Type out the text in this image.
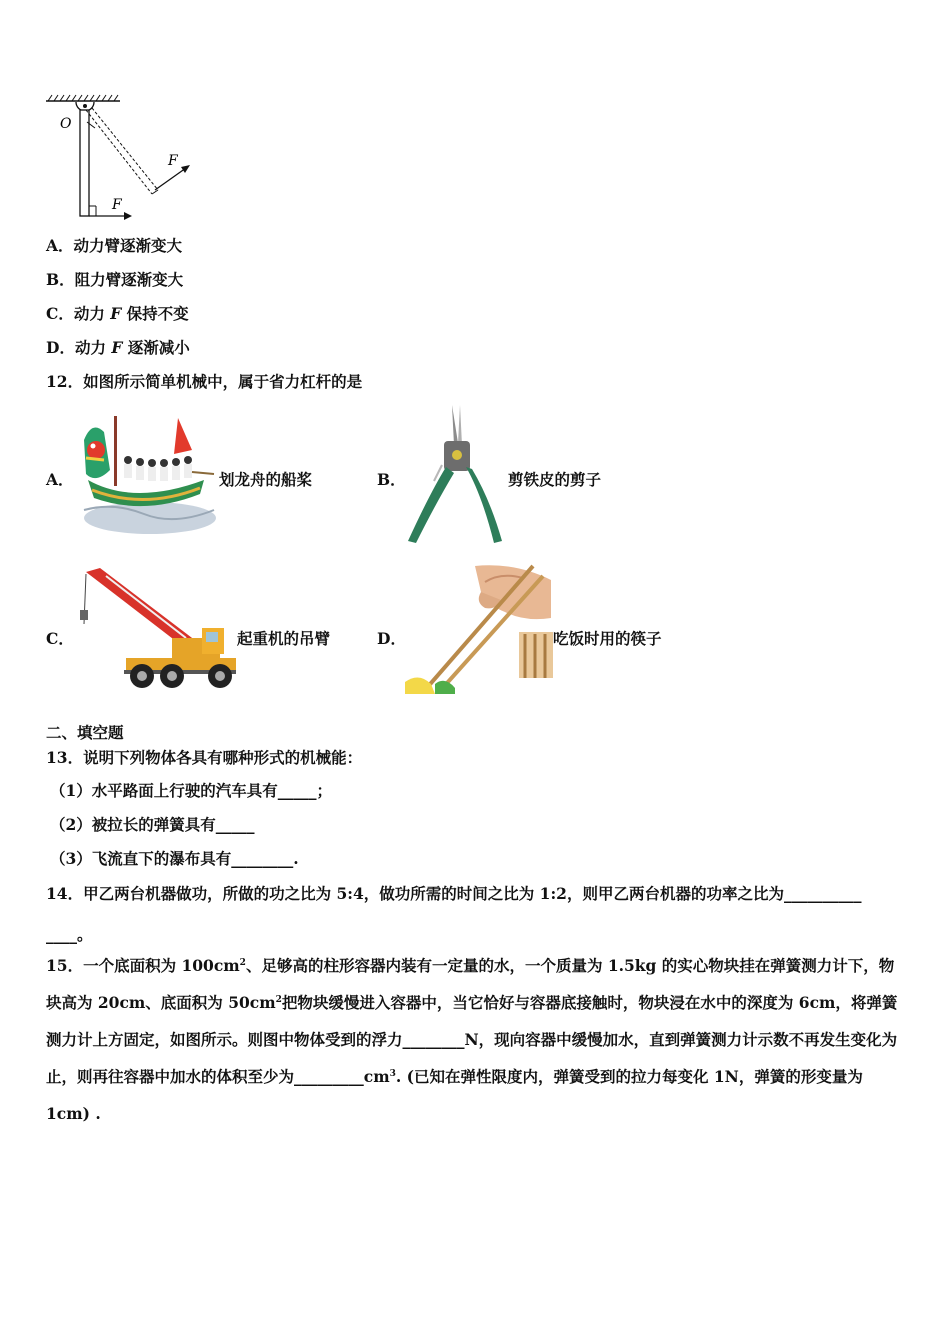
O
F
F
A．动力臂逐渐变大
B．阻力臂逐渐变大
C．动力 F 保持不变
D．动力 F 逐渐减小
12．如图所示简单机械中，属于省力杠杆的是
A．	划龙舟的船桨	B．	剪铁皮的剪子
C．	起重机的吊臂	D．	吃饭时用的筷子
二、填空题
13．说明下列物体各具有哪种形式的机械能：
（1）水平路面上行驶的汽车具有_____；
（2）被拉长的弹簧具有_____
（3）飞流直下的瀑布具有________.
14．甲乙两台机器做功，所做的功之比为 5:4，做功所需的时间之比为 1:2，则甲乙两台机器的功率之比为__________
____。
15．一个底面积为 $100cm^2$、足够高的柱形容器内装有一定量的水，一个质量为 1.5kg 的实心物块挂在弹簧测力计下，物块高为 20cm、底面积为 $50cm^2$把物块缓慢进入容器中，当它恰好与容器底接触时，物块浸在水中的深度为 6cm，将弹簧测力计上方固定，如图所示。则图中物体受到的浮力________N，现向容器中缓慢加水，直到弹簧测力计示数不再发生变化为止，则再往容器中加水的体积至少为$\_\_\_\_\_\_\_\_\_cm^3$. (已知在弹性限度内，弹簧受到的拉力每变化 1N，弹簧的形变量为 1cm) .
